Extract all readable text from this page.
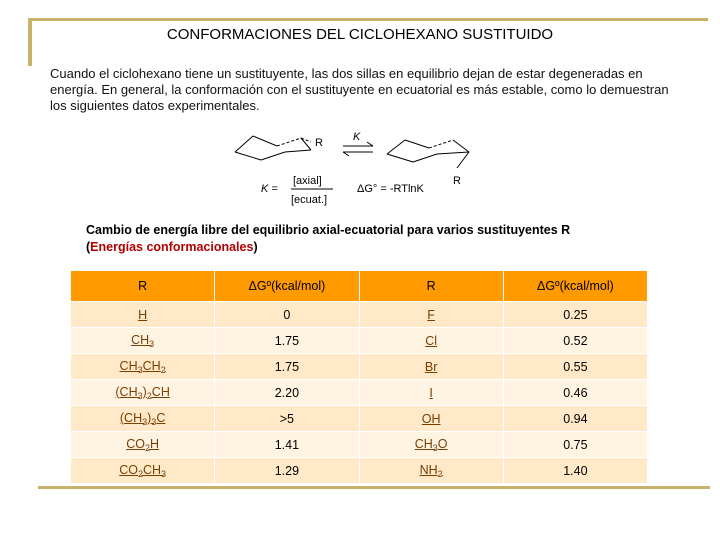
CONFORMACIONES DEL CICLOHEXANO SUSTITUIDO
Cuando el ciclohexano tiene un sustituyente, las dos sillas en equilibrio dejan de estar degeneradas en energía. En general, la conformación con el sustituyente en ecuatorial es más estable, como lo demuestran los siguientes datos experimentales.
R	K
R
K =
[axial]
[ecuat.]
ΔG° = -RTlnK
Cambio de energía libre del equilibrio axial-ecuatorial para varios sustituyentes R
(Energías conformacionales)
R	ΔGº(kcal/mol)	R	ΔGº(kcal/mol)
H	0	F	0.25
$CH_3$	1.75	Cl	0.52
$CH_3CH_2$	1.75	Br	0.55
$(CH_3)_2CH$	2.20	I	0.46
$(CH_3)_3C$	>5	OH	0.94
$CO_2H$	1.41	$CH_3O$	0.75
$CO_2CH_3$	1.29	$NH_2$	1.40
